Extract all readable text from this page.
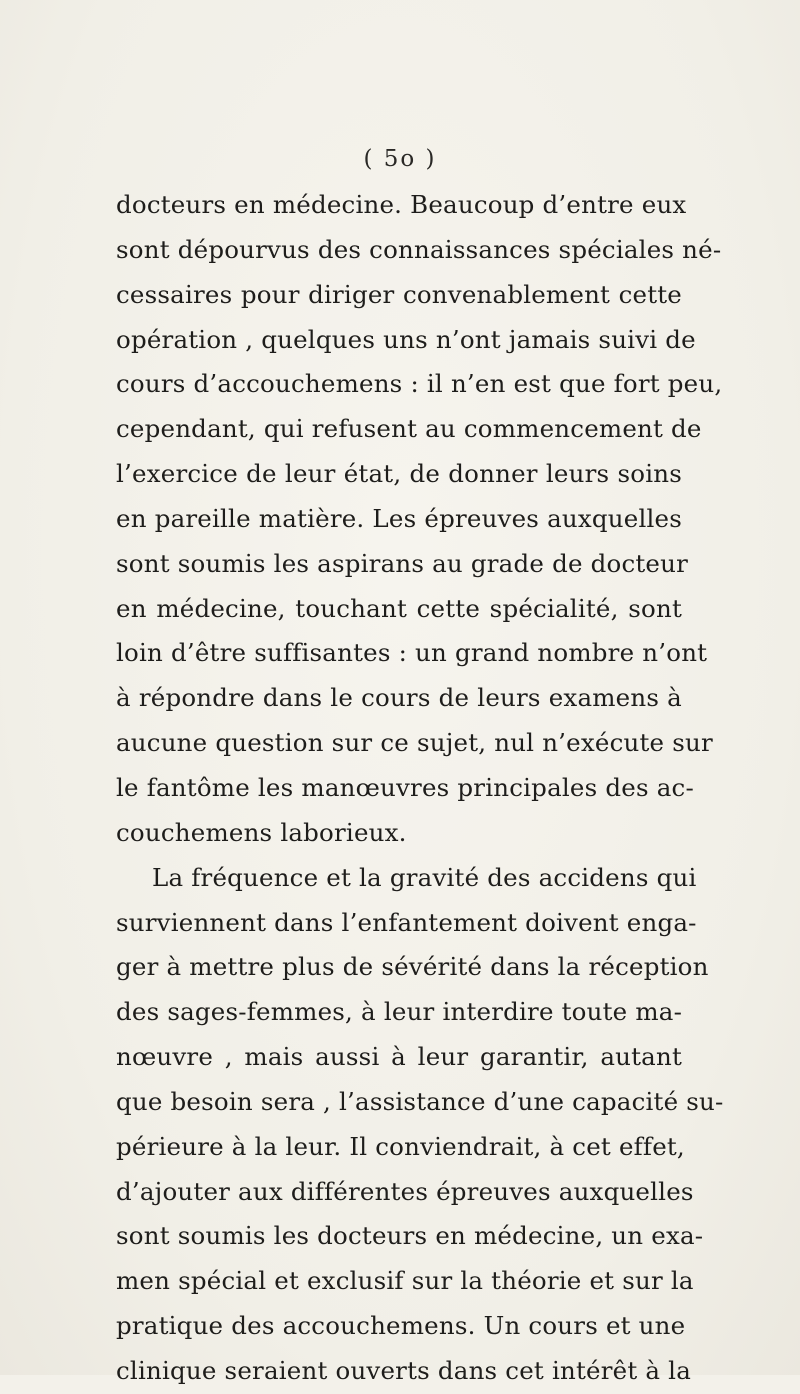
( 5o )
docteurs en médecine. Beaucoup d’entre eux
sont dépourvus des connaissances spéciales né-
cessaires pour diriger convenablement cette
opération , quelques uns n’ont jamais suivi de
cours d’accouchemens : il n’en est que fort peu,
cependant, qui refusent au commencement de
l’exercice de leur état, de donner leurs soins
en pareille matière. Les épreuves auxquelles
sont soumis les aspirans au grade de docteur
en médecine, touchant cette spécialité, sont
loin d’être suffisantes : un grand nombre n’ont
à répondre dans le cours de leurs examens à
aucune question sur ce sujet, nul n’exécute sur
le fantôme les manœuvres principales des ac-
couchemens laborieux.
La fréquence et la gravité des accidens qui
surviennent dans l’enfantement doivent enga-
ger à mettre plus de sévérité dans la réception
des sages-femmes, à leur interdire toute ma-
nœuvre , mais aussi à leur garantir, autant
que besoin sera , l’assistance d’une capacité su-
périeure à la leur. Il conviendrait, à cet effet,
d’ajouter aux différentes épreuves auxquelles
sont soumis les docteurs en médecine, un exa-
men spécial et exclusif sur la théorie et sur la
pratique des accouchemens. Un cours et une
clinique seraient ouverts dans cet intérêt à la
